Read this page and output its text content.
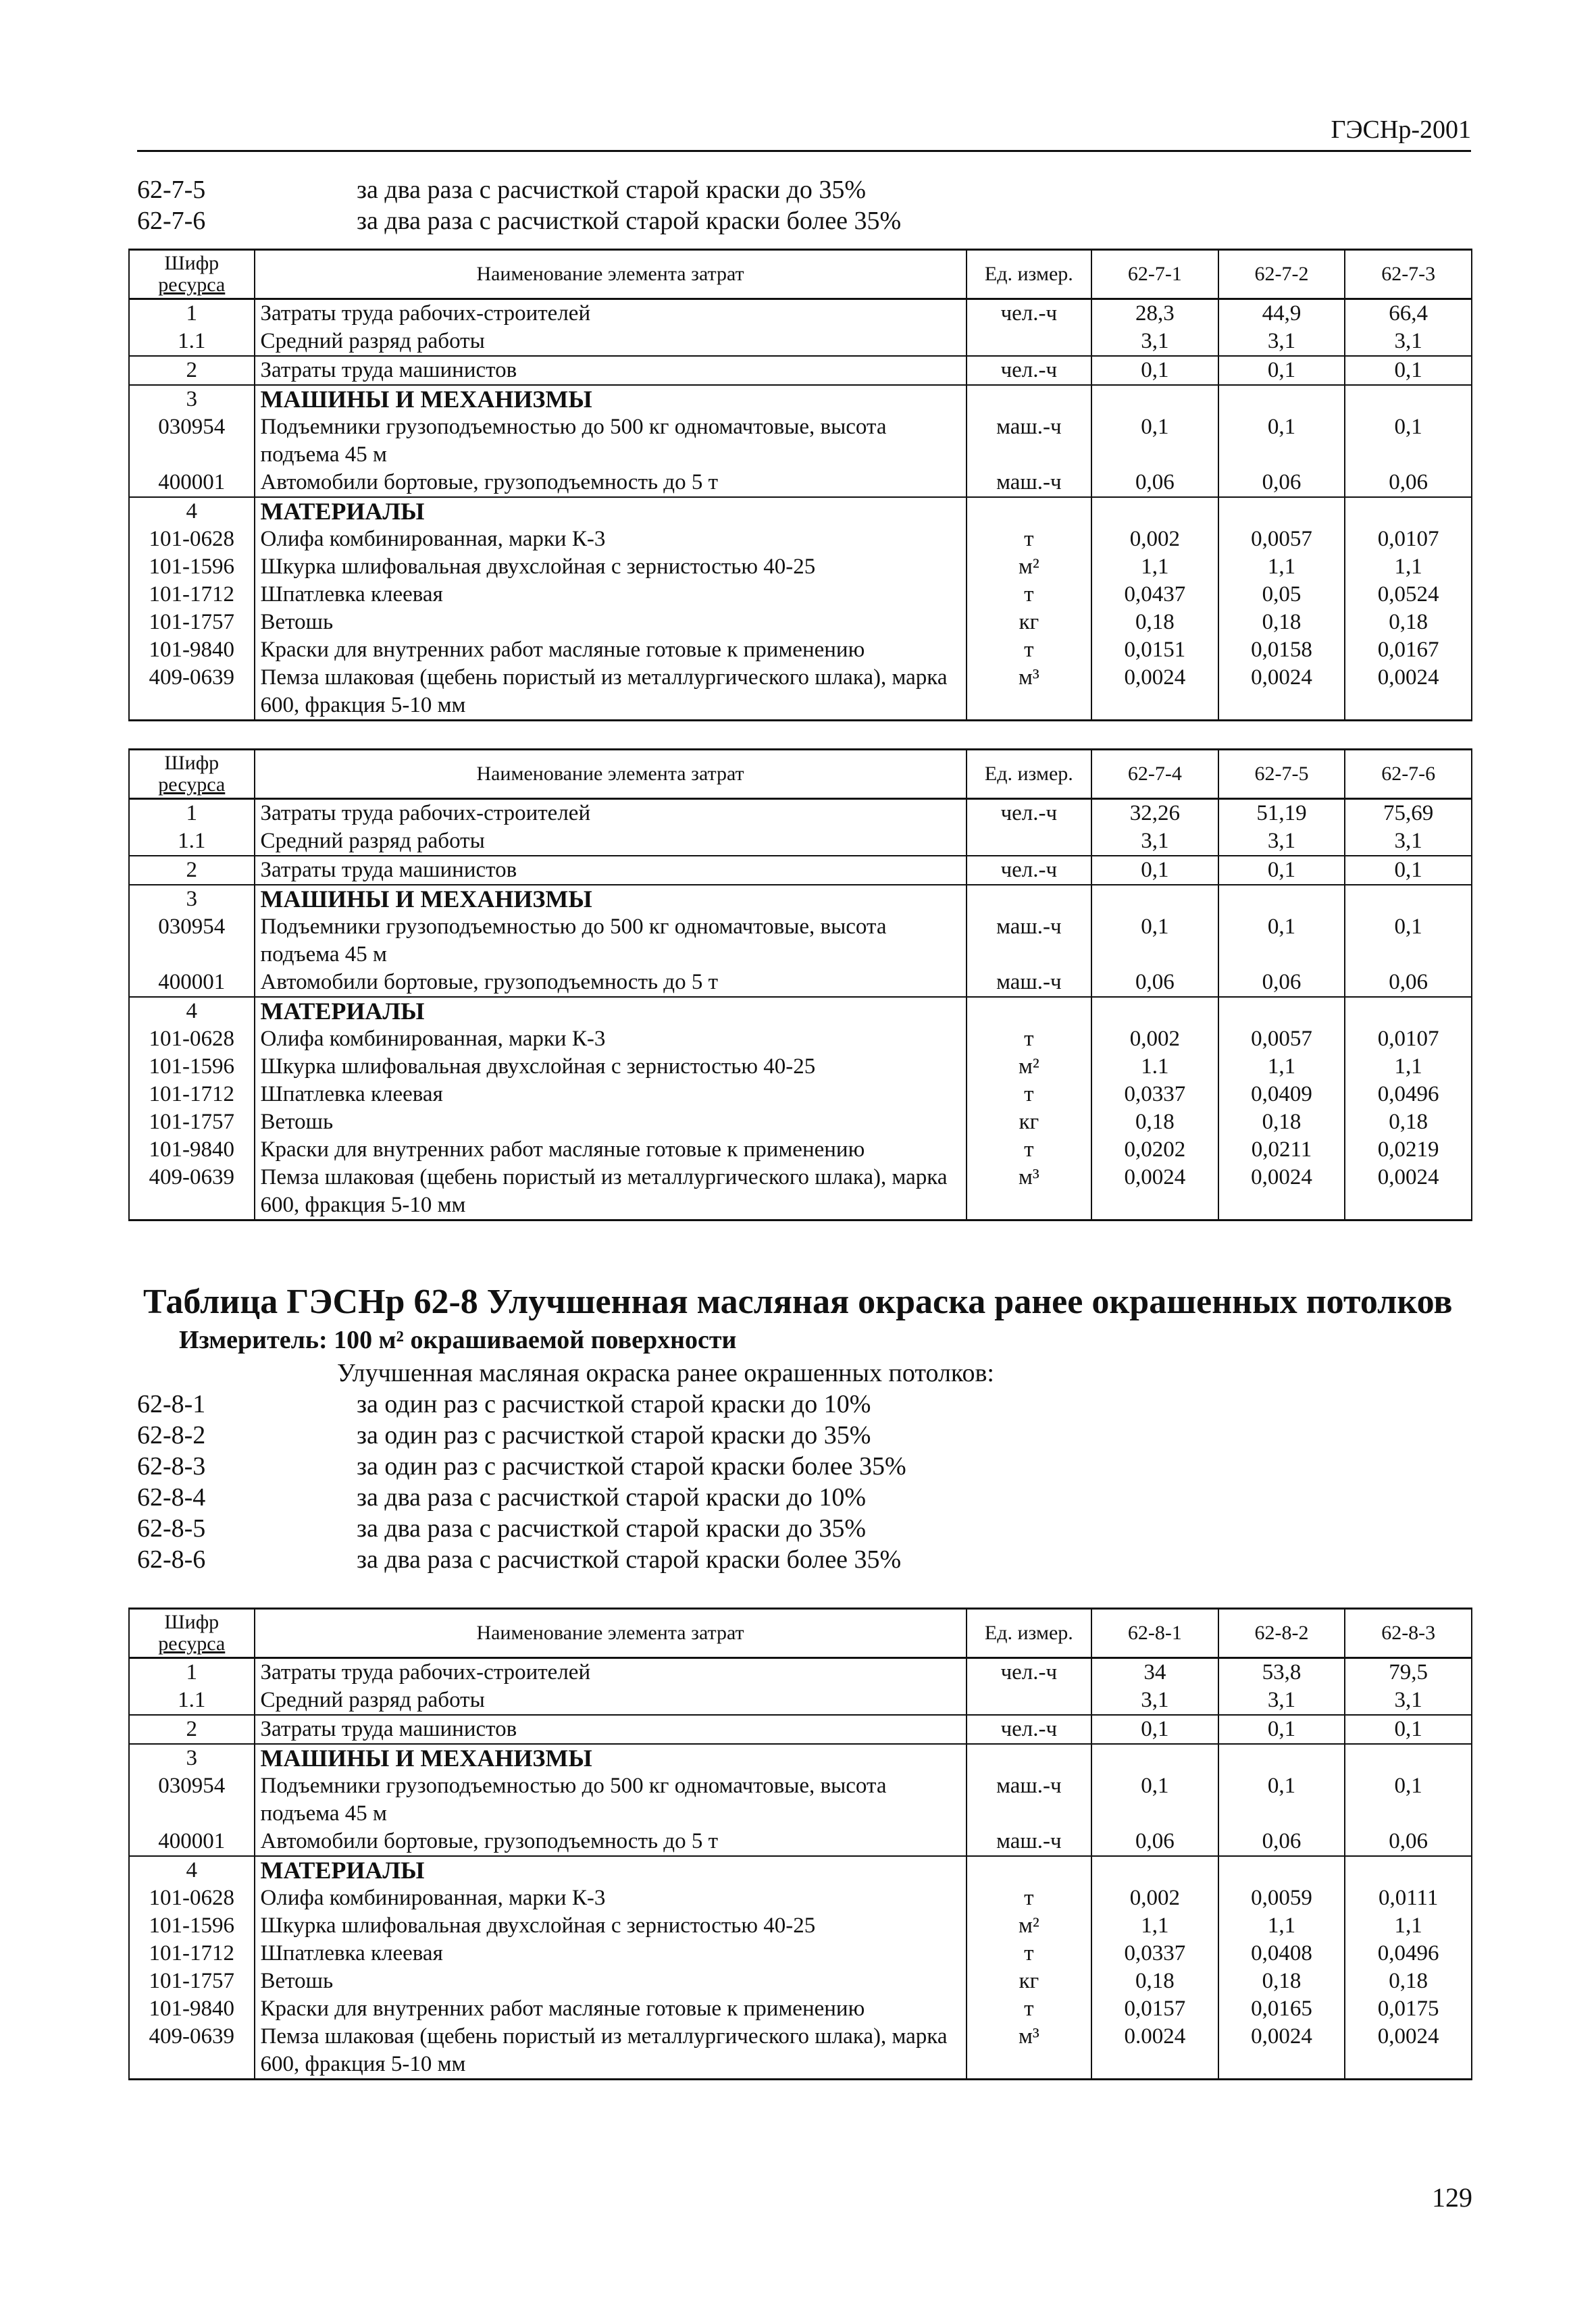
ГЭСНр-2001
62-7-5	за два раза с расчисткой старой краски до 35%
62-7-6	за два раза с расчисткой старой краски более 35%
Шифр
ресурса	Наименование элемента затрат	Ед. измер.	62-7-1	62-7-2	62-7-3
1	Затраты труда рабочих-строителей	чел.-ч	28,3	44,9	66,4
1.1	Средний разряд работы		3,1	3,1	3,1
2	Затраты труда машинистов	чел.-ч	0,1	0,1	0,1
3	МАШИНЫ И МЕХАНИЗМЫ				
030954	Подъемники грузоподъемностью до 500 кг одномачтовые, высота подъема 45 м	маш.-ч	0,1	0,1	0,1
400001	Автомобили бортовые, грузоподъемность до 5 т	маш.-ч	0,06	0,06	0,06
4	МАТЕРИАЛЫ				
101-0628	Олифа комбинированная, марки К-3	т	0,002	0,0057	0,0107
101-1596	Шкурка шлифовальная двухслойная с зернистостью 40-25	м²	1,1	1,1	1,1
101-1712	Шпатлевка клеевая	т	0,0437	0,05	0,0524
101-1757	Ветошь	кг	0,18	0,18	0,18
101-9840	Краски для внутренних работ масляные готовые к применению	т	0,0151	0,0158	0,0167
409-0639	Пемза шлаковая (щебень пористый из металлургического шлака), марка 600, фракция 5-10 мм	м³	0,0024	0,0024	0,0024
Шифр
ресурса	Наименование элемента затрат	Ед. измер.	62-7-4	62-7-5	62-7-6
1	Затраты труда рабочих-строителей	чел.-ч	32,26	51,19	75,69
1.1	Средний разряд работы		3,1	3,1	3,1
2	Затраты труда машинистов	чел.-ч	0,1	0,1	0,1
3	МАШИНЫ И МЕХАНИЗМЫ				
030954	Подъемники грузоподъемностью до 500 кг одномачтовые, высота подъема 45 м	маш.-ч	0,1	0,1	0,1
400001	Автомобили бортовые, грузоподъемность до 5 т	маш.-ч	0,06	0,06	0,06
4	МАТЕРИАЛЫ				
101-0628	Олифа комбинированная, марки К-3	т	0,002	0,0057	0,0107
101-1596	Шкурка шлифовальная двухслойная с зернистостью 40-25	м²	1.1	1,1	1,1
101-1712	Шпатлевка клеевая	т	0,0337	0,0409	0,0496
101-1757	Ветошь	кг	0,18	0,18	0,18
101-9840	Краски для внутренних работ масляные готовые к применению	т	0,0202	0,0211	0,0219
409-0639	Пемза шлаковая (щебень пористый из металлургического шлака), марка 600, фракция 5-10 мм	м³	0,0024	0,0024	0,0024
Таблица ГЭСНр 62-8 Улучшенная масляная окраска ранее окрашенных потолков
Измеритель: 100 м² окрашиваемой поверхности
Улучшенная масляная окраска ранее окрашенных потолков:
62-8-1	за один раз с расчисткой старой краски до 10%
62-8-2	за один раз с расчисткой старой краски до 35%
62-8-3	за один раз с расчисткой старой краски более 35%
62-8-4	за два раза с расчисткой старой краски до 10%
62-8-5	за два раза с расчисткой старой краски до 35%
62-8-6	за два раза с расчисткой старой краски более 35%
Шифр
ресурса	Наименование элемента затрат	Ед. измер.	62-8-1	62-8-2	62-8-3
1	Затраты труда рабочих-строителей	чел.-ч	34	53,8	79,5
1.1	Средний разряд работы		3,1	3,1	3,1
2	Затраты труда машинистов	чел.-ч	0,1	0,1	0,1
3	МАШИНЫ И МЕХАНИЗМЫ				
030954	Подъемники грузоподъемностью до 500 кг одномачтовые, высота подъема 45 м	маш.-ч	0,1	0,1	0,1
400001	Автомобили бортовые, грузоподъемность до 5 т	маш.-ч	0,06	0,06	0,06
4	МАТЕРИАЛЫ				
101-0628	Олифа комбинированная, марки К-3	т	0,002	0,0059	0,0111
101-1596	Шкурка шлифовальная двухслойная с зернистостью 40-25	м²	1,1	1,1	1,1
101-1712	Шпатлевка клеевая	т	0,0337	0,0408	0,0496
101-1757	Ветошь	кг	0,18	0,18	0,18
101-9840	Краски для внутренних работ масляные готовые к применению	т	0,0157	0,0165	0,0175
409-0639	Пемза шлаковая (щебень пористый из металлургического шлака), марка 600, фракция 5-10 мм	м³	0.0024	0,0024	0,0024
129
